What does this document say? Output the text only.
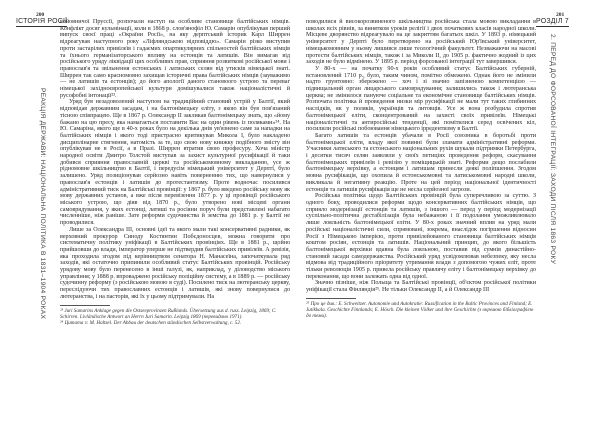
200
ІСТОРІЯ РОСІЇ
РЕАКЦІЯ ДЕРЖАВИ: НАЦІОНАЛЬНА ПОЛІТИКА В 1831–1904 РОКАХ

войовничої Пруссії, розпочали наступ на особливе становище балтійських німців. Конфлікт досяг кульмінації, коли в 1868 р. слов'янофіл Ю. Самарін опублікував перший випуск своєї праці «Окраїни Росії», на яку дерптський історик Карл Ширрен відреагував наступного року «Ліфляндською відповіддю». Самарін різко виступив проти застарілих привілеїв і гадаємих опартикулярних спільностей балтійських німців та їхнього германізаторського впливу на естонців та латишів. Він вимагав від російського уряду ліквідації цих особливих прав, сприяння розвиткові російської мови і православ'я та звільнення естонських і латиських селян від утисків німецької знаті. Ширрен так само красномовно захищав історичні права балтійських німців (зауважимо — не латишів та естонців); до його апології даного становоого устрою та переваг німецької західноєвропейської культури домішувалися також націоналістичні й русофобні інтонації²³.

Уряд був незадоволений наступом на традиційний становий устрій у Балтії, який відповідав державним засадам, і на балтонімецьку еліту, з якою він був пов'язаний тісною співпрацею. Ще в 1867 р. Олександр II закликав балтонімецьку знать, що «йому бажано на цю пресу, яка намагається поставити Вас на один рівень із поляками»²⁴. На Ю. Самаріна, якого ще в 40-х роках було на декілька днів ув'язнено саме за нападки на балтійських німців і якого тоді пристрасно критикував Микола I, було накладено дисциплінарне стягнення, натомість за те, що свою нову книжку подібного змісту він опублікував не в Росії, а в Празі. Ширрен втратив свою професуру. Хоча міністр народної освіти Дмитро Толстой виступав за захист культурної русифікації й таки добився сприяння православній церкві та російськомовному викладанню, усе ж рідномовне шкільництво в Балтії, і передусім німецький університет у Дерпті, було залишено. Уряд позиціонував серйозно навіть поверненню тих, що навернулися у православ'я естонців і латишів до протестантизму. Проте водночас посилився адміністративний тиск на Балтійські провінції: у 1867 р. було введено російську мову як мову державних установ, а вже після перевізення 1877 р. у ці провінції російського міського устрою, що діяв від 1870 р., було утворено нові місцеві органи самоврядування, у яких естонці, латиші та росіяни поруч були представлені набагато численніше, ніж раніше. Зате реформи судочинства й земства до 1881 р. у Балтії не проводилися.

Лише за Олександра III, основні ідеї та якого мали такі консервативні радники, як верховний прокурор Синоду Костянтин Побєдоносцев, можна говорити про систематичну політику уніфікації в Балтійських провінціях. Ще в 1881 р., щойно прийшовши до влади, імператор уперше не підтвердив балтійських привілеїв. А ревізія, яка проходила згодом під керівництвом сенатора Н. Манасеїна, започаткувала ряд заходів, які остаточно припинили особливий статус Балтійських провінцій. Російську урядову мову було перенесено в інші галузі, як, наприклад, у діловодство міського управління; у 1888 р. впроваджено російську поліційну систему, а в 1889 р. — російську судочинну реформу (з російською мовою в суді). Посилено тиск на лютеранську церкву, переслідуючи тих православних естонців і латишів, які знову повернулися до лютеранства, і на пасторів, які їх у цьому підтримували. На

²³ Juri Samarins Anklage gegen die Ostseeprovinzen Rußlands. Übersetzung aus d. russ. Leipzig, 1869; C. Schirren. Livländische Antwort an Herrn Juri Samarin. Leipzig 1869 (перевидано 1971).

²⁴ Цитата з: M. Haltzel. Der Abbau der deutschen ständischen Selbstverwaltung, с. 52.

201
РОЗДІЛ 7
2. ПЕРЕД ДО ФОРСОВАНОЇ ІНТЕГРАЦІЇ: ЗАХОДИ ПІСЛЯ 1863 РОКУ

поводилися й високорозвиненого шкільництва російська стала мовою викладання в школах всіх рівнів, за винятком уроків релігії і двох початкових класів народної школи. Місцеве дворянство відреагувало на це закриттям багатьох шкіл. У 1893 р. німецький університет у Дерпті було перетворено на російський Юр'ївський університет, німецькомовним у ньому лишився лише теологічний факультет. Незважаючи на масові протести балтійських німців, також і за Миколи II, до 1905 р. фактично жодний із цих заходів не було відмінено. У 1895 р. період форсованої інтеграції тут завершився.

У 80-х — на початку 90-х років особливий статус Балтійських губерній, встановлений 1710 р., було, таким чином, помітно обмежено. Однак його не змінили надто грунтовно: збережено — хоч і зі значно запізненою компетенцією — підвищальний орган лицарського самоврядування; залишились також і лютеранська церква; не змінилося пануюче соціальне та економічне становище балтійських німців. Розпочата політика й проведення низки мір русифікації не мали тут таких глибинних наслідків, як у поляків, українців та литовців. Усе ж вона розбудила спротив балтонімецької еліти, сконцентрований на захисті своїх привілеїв. Німецькі націоналістичні та антиросійські тенденції, які помітилися серед освічених кіл, посилили російські побоювання німецького ірредентизму в Балтії.

Багато латишів та естонців убачали в Росії союзника в боротьбі проти балтонімецької еліти, владу якої повинні були зламати адміністративні реформи. Учасники латиського та естонського національних рухів шукали підтримки Петербурга, і десятки тисяч селян заявляли у своїх петиціях проведення реформ, скасування балтонімецьких привілеїв і ревізію у поміщицькій знаті. Реформи дещо послабили балтонімецьку верхівку, а естонцям і латишам принесли деякі поліпшення. Згодом мовна русифікація, що охопила й естонськомовні та латиськомовні народні школи, викликала й негативну реакцію. Проте на цей період національної ідентичності естонців та латишів русифікація ще не несла серйозної загрози.

Російська політика щодо Балтійських провінцій була суперечливою за суттю. З одного боку, проводилися реформи щодо консервативних балтійських німців, що сприяло модернізації естонців та латишів, з іншого — перед у період модернізації суспільно-політична дестабілізація була небажаною і її подолання уможливлювало лише лояльність балтонімецької еліти. У 80-х роках значний вплив на уряд мали російські націоналістичні сили, спрямовані, зокрема, внаслідок погіршення відносин Росії з Німецькою імперією, проти привілейованого становища балтійських німців коштом росіян, естонців та латишів. Національний принцип, до якого більшість балтонімецької верхівки вдавна була лояльною, поставив під сумнів династійно-становий засади самодержавства. Російський уряд усвідомлював небезпеку, яку несла відмова від традиційного пріоритету утримання влади з допомогою чужих еліт, проте тільки революція 1905 р. привела російську правлячу еліту і балтонімецьку верхівку до переконання, що вони залежать одна від одної.

Значно пізніше, ніж Польща та Балтійські провінції, об'єктом російської політики уніфікації стала Фінляндія²⁵. Не тільки Олександр II, а й Олександр III

²⁵ Про це див.: E. Schweitzer. Autonomie und Autokratie: Russification in the Baltic Provinces and Finland; E. Jutikkala. Geschichte Finnlands; E. Hösch. Die kleinen Völker und ihre Geschichte (з окремою бібліографією до теми).
